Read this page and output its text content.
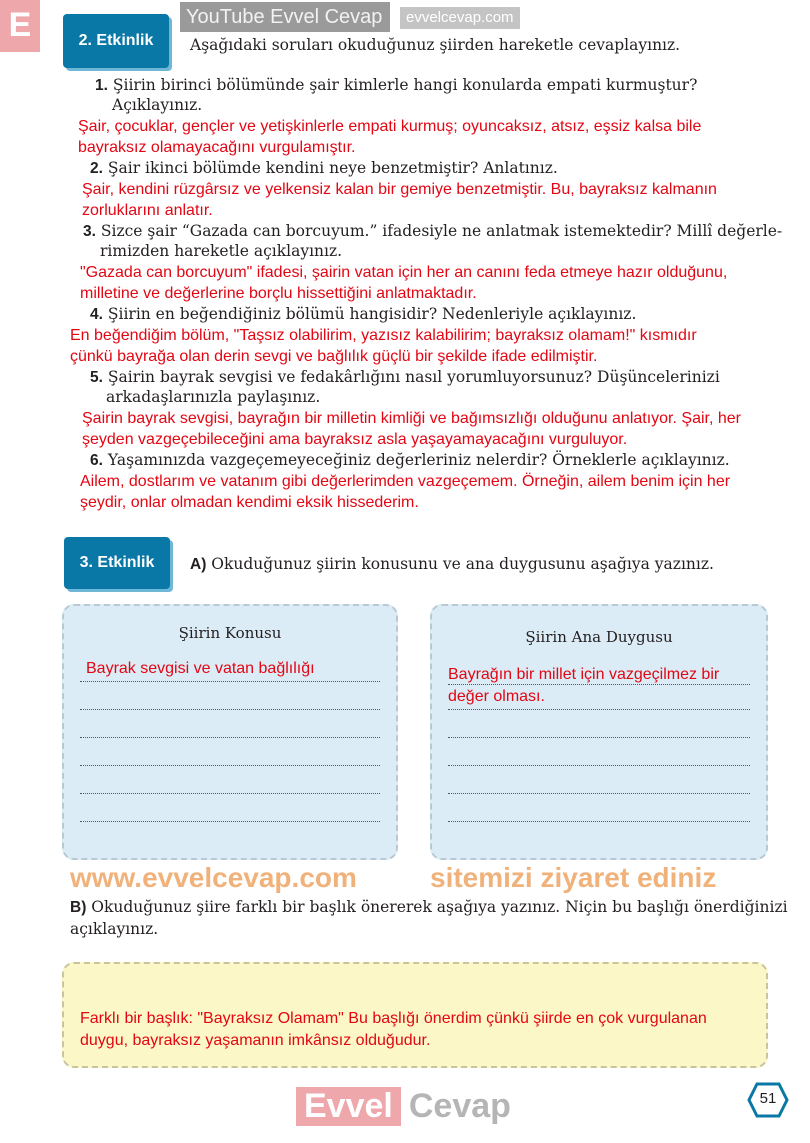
E	YouTube Evvel Cevap	evvelcevap.com
2. Etkinlik Aşağıdaki soruları okuduğunuz şiirden hareketle cevaplayınız.
1. Şiirin birinci bölümünde şair kimlerle hangi konularda empati kurmuştur?
Açıklayınız.
Şair, çocuklar, gençler ve yetişkinlerle empati kurmuş; oyuncaksız, atsız, eşsiz kalsa bile
bayraksız olamayacağını vurgulamıştır.
2. Şair ikinci bölümde kendini neye benzetmiştir? Anlatınız.
Şair, kendini rüzgârsız ve yelkensiz kalan bir gemiye benzetmiştir. Bu, bayraksız kalmanın
zorluklarını anlatır.
3. Sizce şair “Gazada can borcuyum.” ifadesiyle ne anlatmak istemektedir? Millî değerle-
rimizden hareketle açıklayınız.
"Gazada can borcuyum" ifadesi, şairin vatan için her an canını feda etmeye hazır olduğunu,
milletine ve değerlerine borçlu hissettiğini anlatmaktadır.
4. Şiirin en beğendiğiniz bölümü hangisidir? Nedenleriyle açıklayınız.
En beğendiğim bölüm, "Taşsız olabilirim, yazısız kalabilirim; bayraksız olamam!" kısmıdır
çünkü bayrağa olan derin sevgi ve bağlılık güçlü bir şekilde ifade edilmiştir.
5. Şairin bayrak sevgisi ve fedakârlığını nasıl yorumluyorsunuz? Düşüncelerinizi
arkadaşlarınızla paylaşınız.
Şairin bayrak sevgisi, bayrağın bir milletin kimliği ve bağımsızlığı olduğunu anlatıyor. Şair, her
şeyden vazgeçebileceğini ama bayraksız asla yaşayamayacağını vurguluyor.
6. Yaşamınızda vazgeçemeyeceğiniz değerleriniz nelerdir? Örneklerle açıklayınız.
Ailem, dostlarım ve vatanım gibi değerlerimden vazgeçemem. Örneğin, ailem benim için her
şeydir, onlar olmadan kendimi eksik hissederim.
3. Etkinlik A) Okuduğunuz şiirin konusunu ve ana duygusunu aşağıya yazınız.
Şiirin Konusu
Bayrak sevgisi ve vatan bağlılığı
Şiirin Ana Duygusu
Bayrağın bir millet için vazgeçilmez bir
değer olması.
www.evvelcevap.com	sitemizi ziyaret ediniz
B) Okuduğunuz şiire farklı bir başlık önererek aşağıya yazınız. Niçin bu başlığı önerdiğinizi
açıklayınız.
Farklı bir başlık: "Bayraksız Olamam" Bu başlığı önerdim çünkü şiirde en çok vurgulanan
duygu, bayraksız yaşamanın imkânsız olduğudur.
Evvel Cevap	51
